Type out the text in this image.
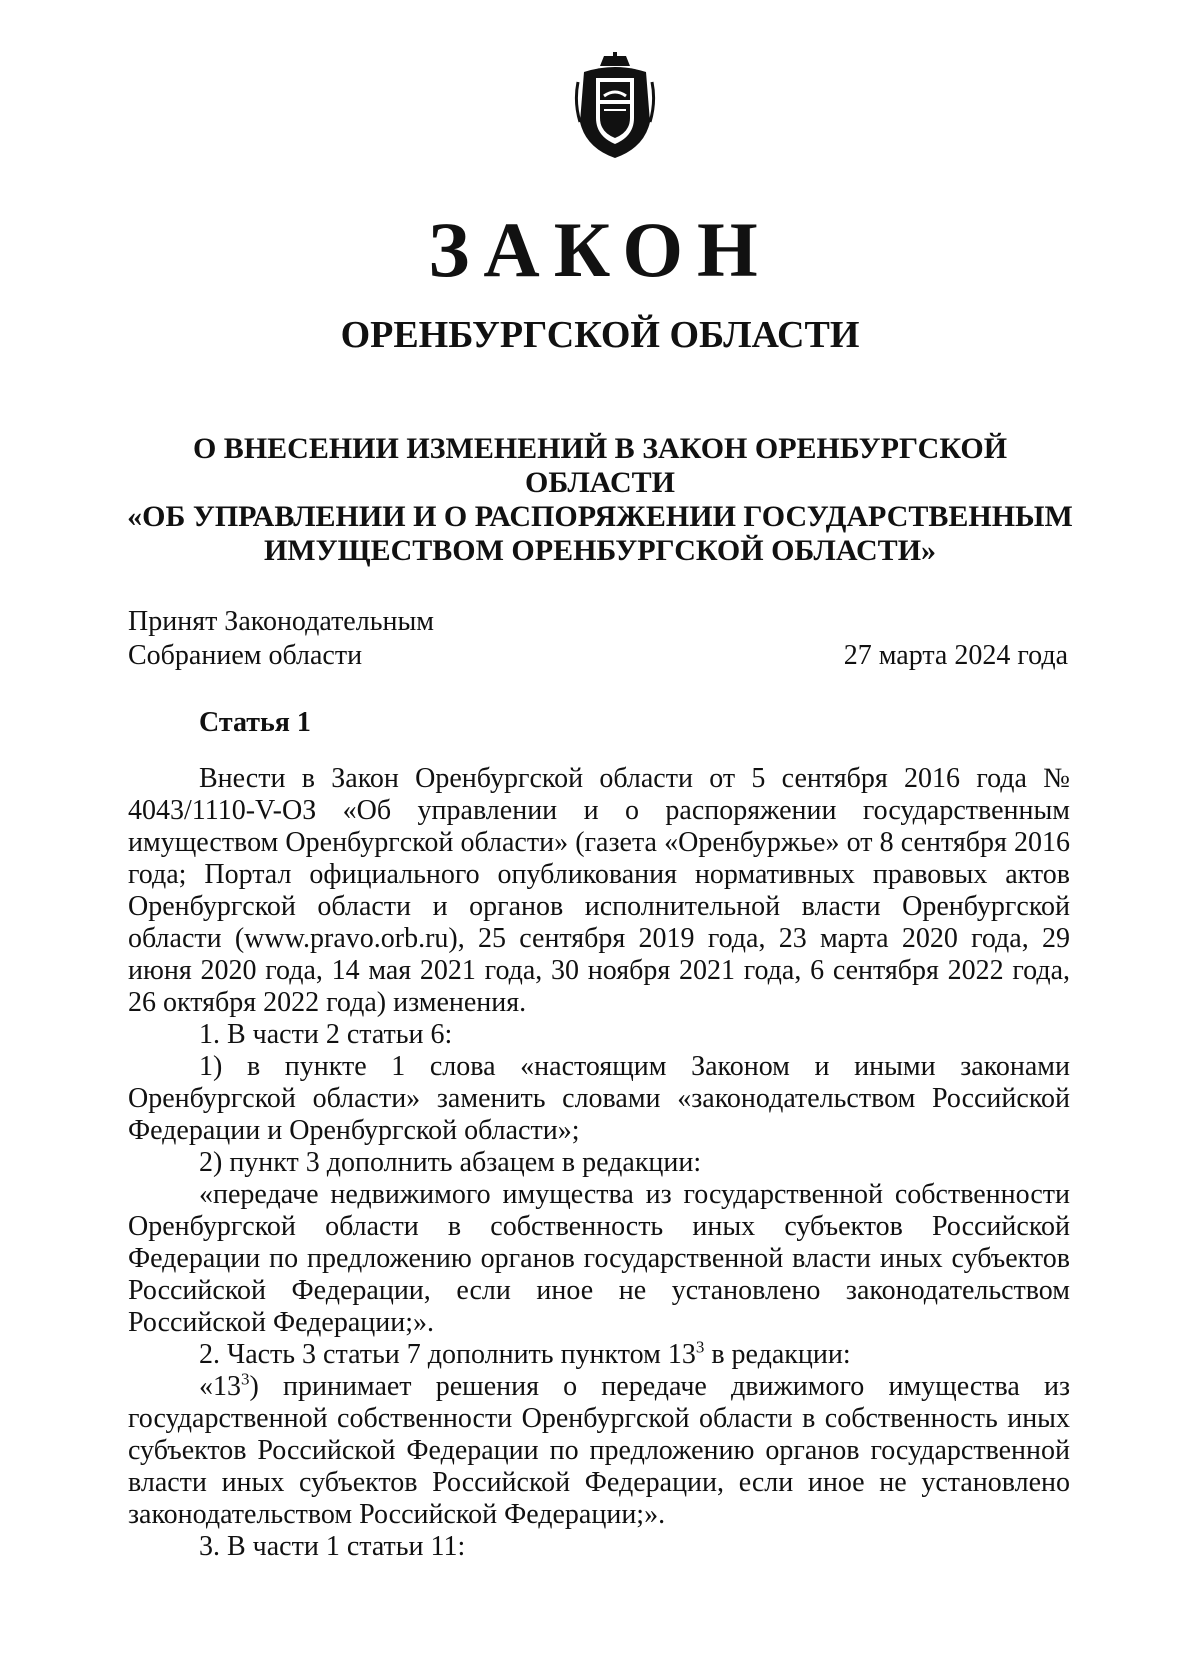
ЗАКОН
ОРЕНБУРГСКОЙ ОБЛАСТИ
О ВНЕСЕНИИ ИЗМЕНЕНИЙ В ЗАКОН ОРЕНБУРГСКОЙ ОБЛАСТИ
«ОБ УПРАВЛЕНИИ И О РАСПОРЯЖЕНИИ ГОСУДАРСТВЕННЫМ
ИМУЩЕСТВОМ ОРЕНБУРГСКОЙ ОБЛАСТИ»
Принят Законодательным
Собранием области	27 марта 2024 года
Статья 1

Внести в Закон Оренбургской области от 5 сентября 2016 года № 4043/1110-V-ОЗ «Об управлении и о распоряжении государственным имуществом Оренбургской области» (газета «Оренбуржье» от 8 сентября 2016 года; Портал официального опубликования нормативных правовых актов Оренбургской области и органов исполнительной власти Оренбургской области (www.pravo.orb.ru), 25 сентября 2019 года, 23 марта 2020 года, 29 июня 2020 года, 14 мая 2021 года, 30 ноября 2021 года, 6 сентября 2022 года, 26 октября 2022 года) изменения.

1. В части 2 статьи 6:

1) в пункте 1 слова «настоящим Законом и иными законами Оренбургской области» заменить словами «законодательством Российской Федерации и Оренбургской области»;

2) пункт 3 дополнить абзацем в редакции:

«передаче недвижимого имущества из государственной собственности Оренбургской области в собственность иных субъектов Российской Федерации по предложению органов государственной власти иных субъектов Российской Федерации, если иное не установлено законодательством Российской Федерации;».

2. Часть 3 статьи 7 дополнить пунктом $13^3$ в редакции:

«$13^3$) принимает решения о передаче движимого имущества из государственной собственности Оренбургской области в собственность иных субъектов Российской Федерации по предложению органов государственной власти иных субъектов Российской Федерации, если иное не установлено законодательством Российской Федерации;».

3. В части 1 статьи 11:
